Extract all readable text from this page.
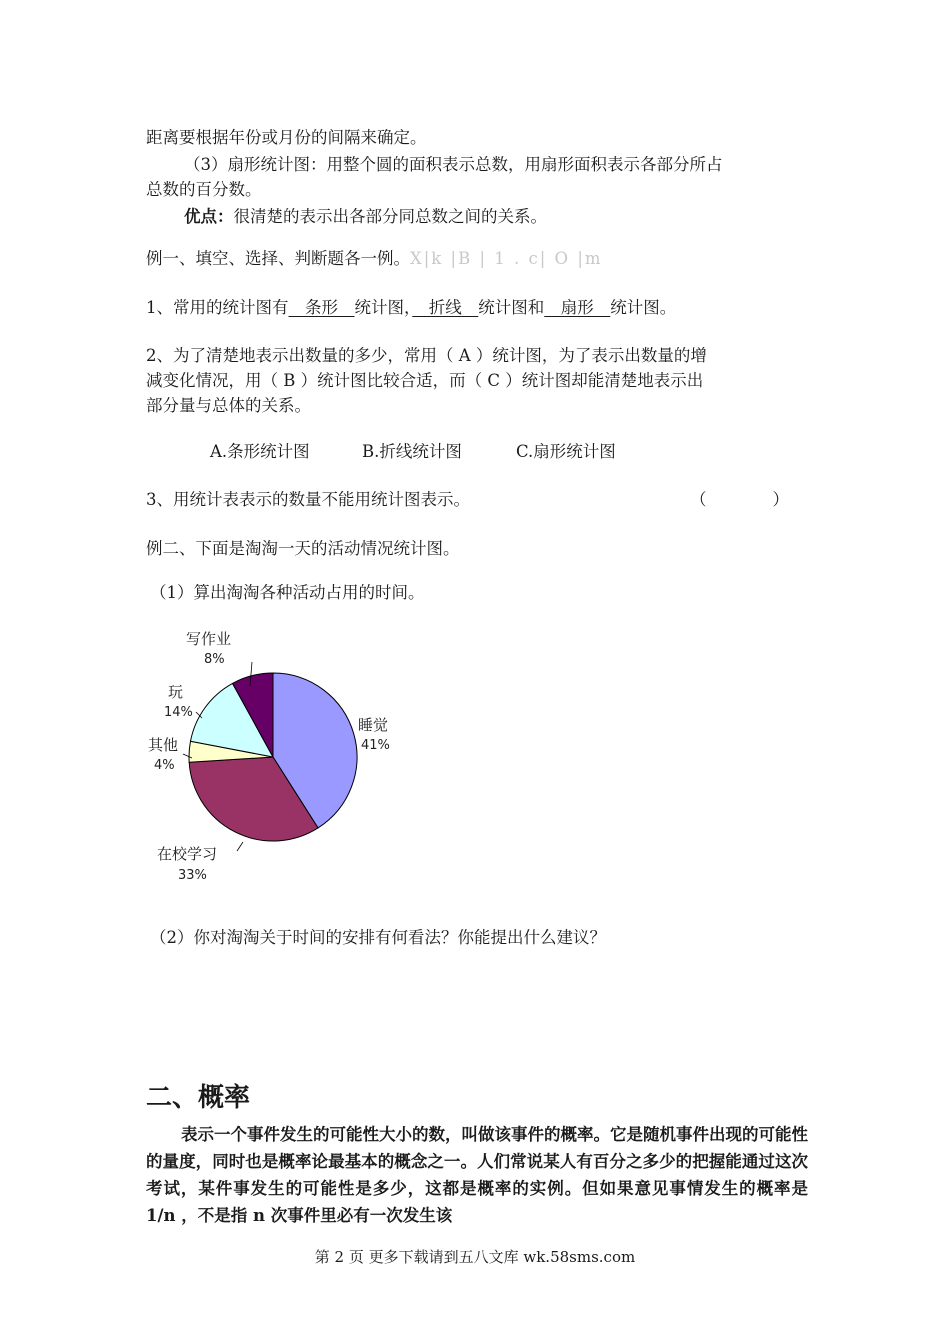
距离要根据年份或月份的间隔来确定。
（3）扇形统计图：用整个圆的面积表示总数，用扇形面积表示各部分所占
总数的百分数。
优点：很清楚的表示出各部分同总数之间的关系。
例一、填空、选择、判断题各一例。X|k |B | 1 . c| O |m
1、常用的统计图有　条形　统计图，　折线　统计图和　扇形　统计图。
2、为了清楚地表示出数量的多少，常用（ A ）统计图，为了表示出数量的增
减变化情况，用（ B ）统计图比较合适，而（ C ）统计图却能清楚地表示出
部分量与总体的关系。
A.条形统计图	B.折线统计图	C.扇形统计图
3、用统计表表示的数量不能用统计图表示。	（　　　　）
例二、下面是淘淘一天的活动情况统计图。
（1）算出淘淘各种活动占用的时间。
睡觉
41%
在校学习
33%
其他
4%
玩
14%
写作业
8%
（2）你对淘淘关于时间的安排有何看法？你能提出什么建议？
二、概率
表示一个事件发生的可能性大小的数，叫做该事件的概率。它是随机事件出现的可能性的量度，同时也是概率论最基本的概念之一。人们常说某人有百分之多少的把握能通过这次考试，某件事发生的可能性是多少，这都是概率的实例。但如果意见事情发生的概率是 1/n ，不是指 n 次事件里必有一次发生该
第 2 页 更多下载请到五八文库 wk.58sms.com
